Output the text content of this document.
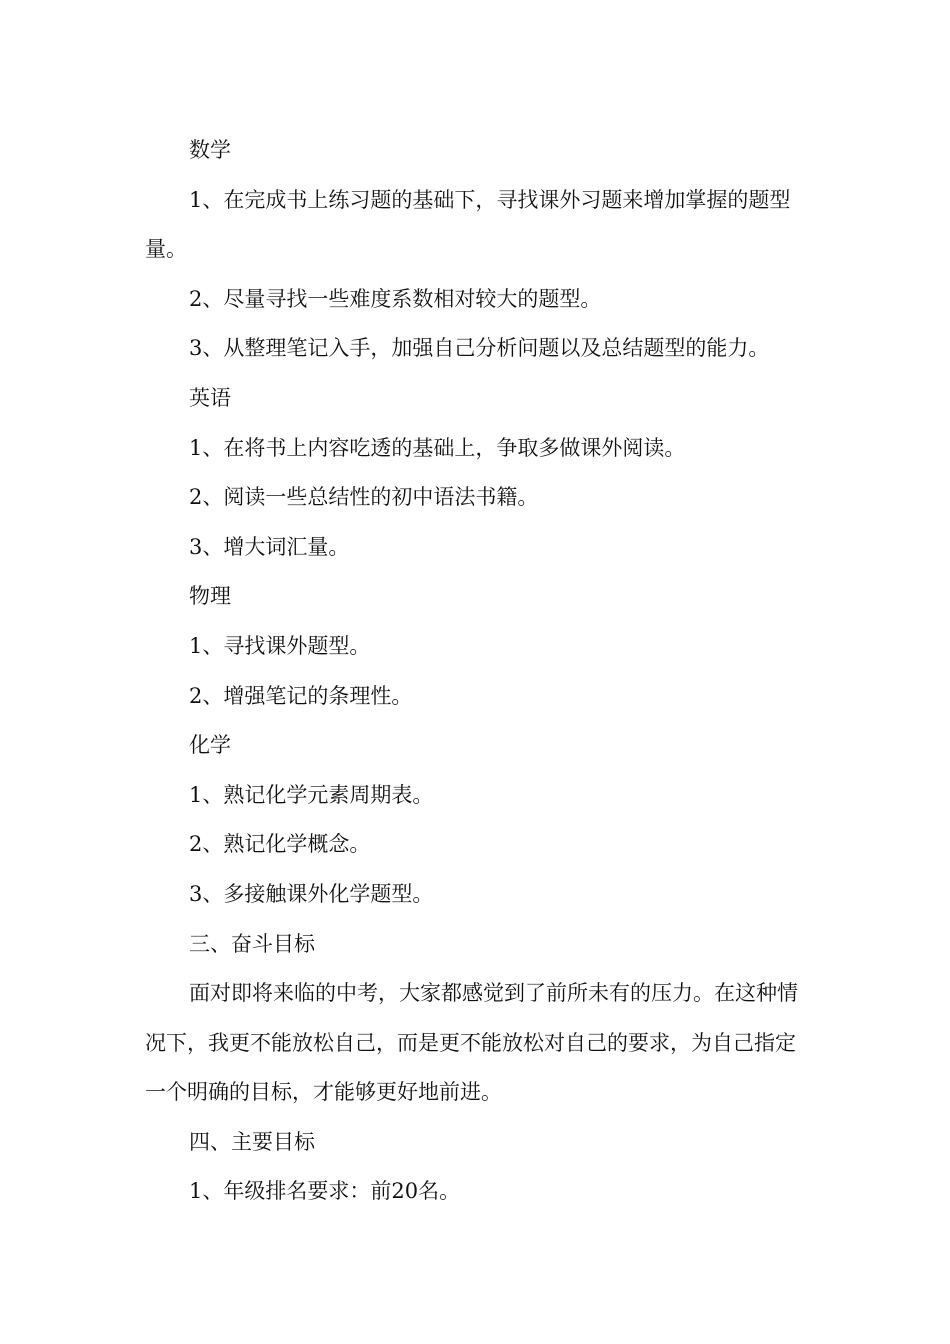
数学

1、在完成书上练习题的基础下，寻找课外习题来增加掌握的题型量。

2、尽量寻找一些难度系数相对较大的题型。

3、从整理笔记入手，加强自己分析问题以及总结题型的能力。

英语

1、在将书上内容吃透的基础上，争取多做课外阅读。

2、阅读一些总结性的初中语法书籍。

3、增大词汇量。

物理

1、寻找课外题型。

2、增强笔记的条理性。

化学

1、熟记化学元素周期表。

2、熟记化学概念。

3、多接触课外化学题型。

三、奋斗目标

面对即将来临的中考，大家都感觉到了前所未有的压力。在这种情况下，我更不能放松自己，而是更不能放松对自己的要求，为自己指定一个明确的目标，才能够更好地前进。

四、主要目标

1、年级排名要求：前20名。
